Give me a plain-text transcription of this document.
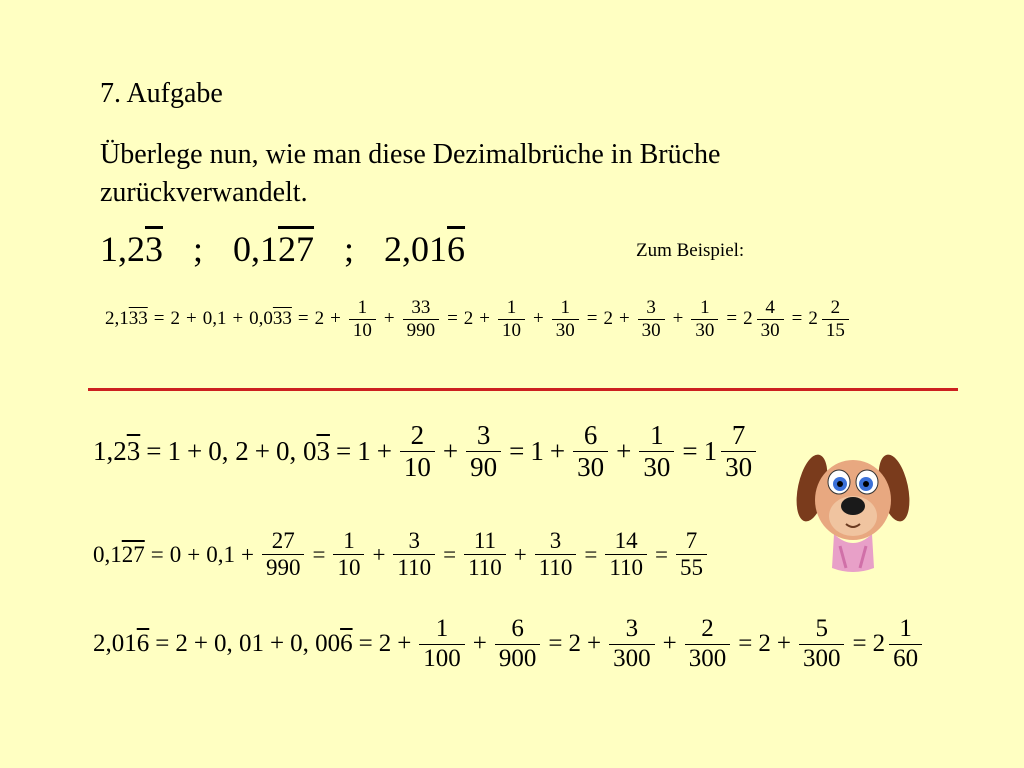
7. Aufgabe
Überlege nun, wie man diese Dezimalbrüche in Brüche zurückverwandelt.
1,23 ; 0,127 ; 2,016	Zum Beispiel:
$2,133 = 2 + 0,1 + 0,033 = 2 + \frac{1}{10} + \frac{33}{990} = 2 + \frac{1}{10} + \frac{1}{30} = 2 + \frac{3}{30} + \frac{1}{30} = 2 \frac{4}{30} = 2 \frac{2}{15}$
1,23 = 1 + 0, 2 + 0, $03 = 1 + \frac{2}{10} + \frac{3}{90} = 1 + \frac{6}{30} + \frac{1}{30} = 1 \frac{7}{30}$
$0,127 = 0 + 0,1 + \frac{27}{990} = \frac{1}{10} + \frac{3}{110} = \frac{11}{110} + \frac{3}{110} = \frac{14}{110} = \frac{7}{55}$
2,016 = 2 + 0, 01 + 0, $006 = 2 + \frac{1}{100} + \frac{6}{900} = 2 + \frac{3}{300} + \frac{2}{300} = 2 + \frac{5}{300} = 2 \frac{1}{60}$
